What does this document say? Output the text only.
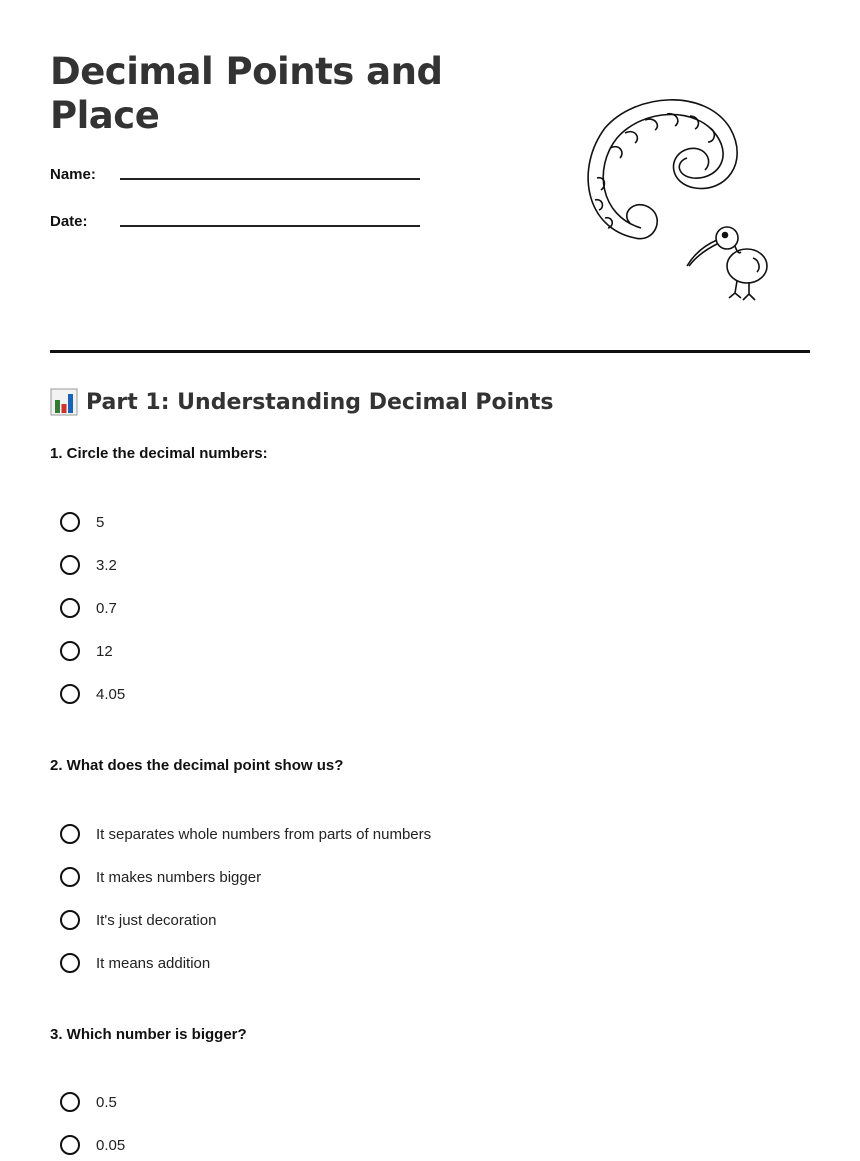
Decimal Points and Place
Name:
Date:
Part 1: Understanding Decimal Points
1. Circle the decimal numbers:
5
3.2
0.7
12
4.05
2. What does the decimal point show us?
It separates whole numbers from parts of numbers
It makes numbers bigger
It's just decoration
It means addition
3. Which number is bigger?
0.5
0.05
